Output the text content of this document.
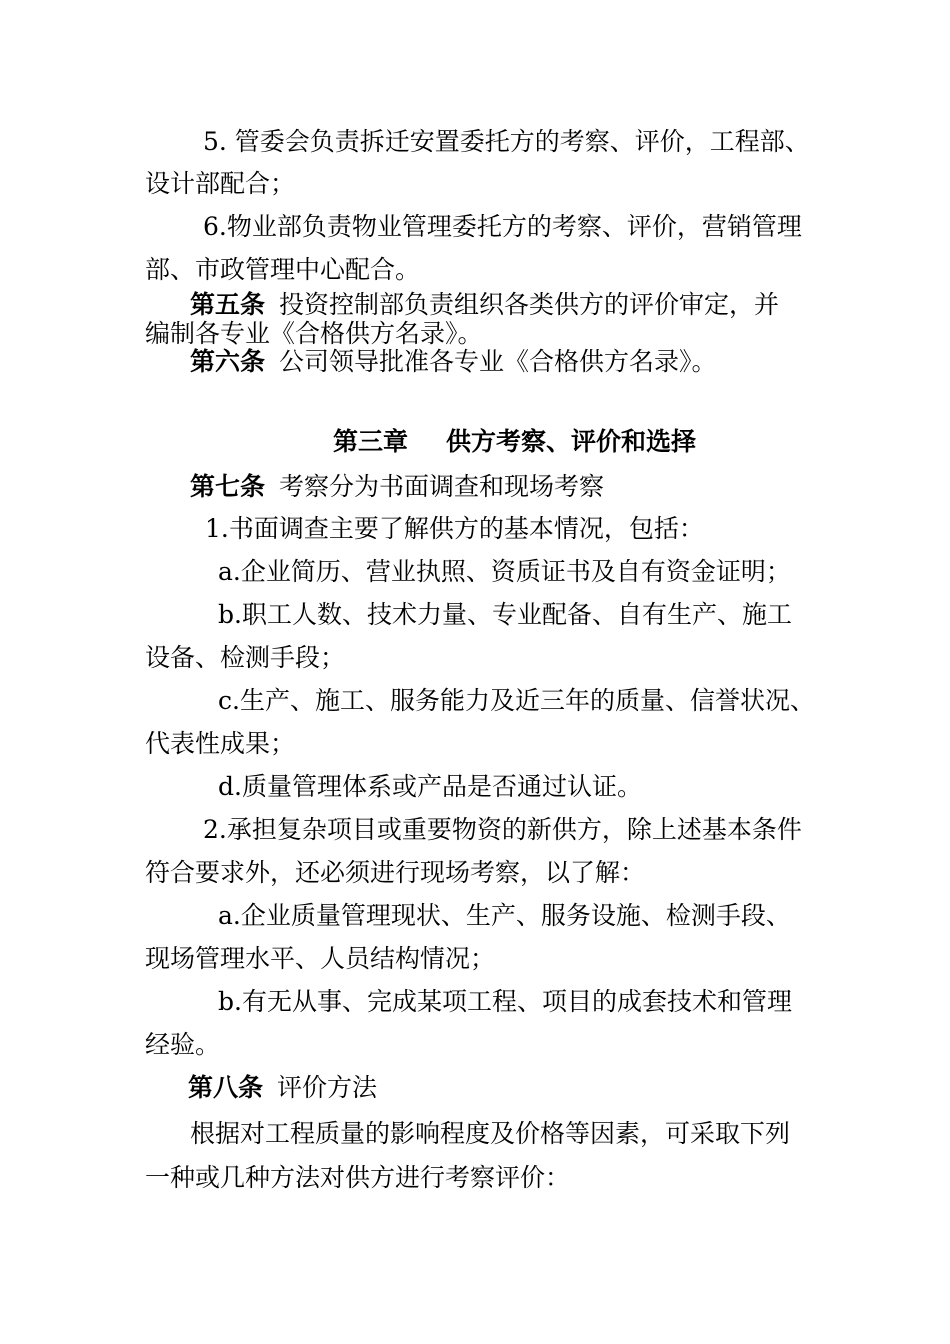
5. 管委会负责拆迁安置委托方的考察、评价，工程部、

设计部配合；

6.物业部负责物业管理委托方的考察、评价，营销管理

部、市政管理中心配合。

第五条 投资控制部负责组织各类供方的评价审定，并

编制各专业《合格供方名录》。

第六条 公司领导批准各专业《合格供方名录》。

第三章 供方考察、评价和选择

第七条 考察分为书面调查和现场考察

1.书面调查主要了解供方的基本情况，包括：

a.企业简历、营业执照、资质证书及自有资金证明；

b.职工人数、技术力量、专业配备、自有生产、施工

设备、检测手段；

c.生产、施工、服务能力及近三年的质量、信誉状况、

代表性成果；

d.质量管理体系或产品是否通过认证。

2.承担复杂项目或重要物资的新供方，除上述基本条件

符合要求外，还必须进行现场考察，以了解：

a.企业质量管理现状、生产、服务设施、检测手段、

现场管理水平、人员结构情况；

b.有无从事、完成某项工程、项目的成套技术和管理

经验。

第八条 评价方法

根据对工程质量的影响程度及价格等因素，可采取下列

一种或几种方法对供方进行考察评价：
